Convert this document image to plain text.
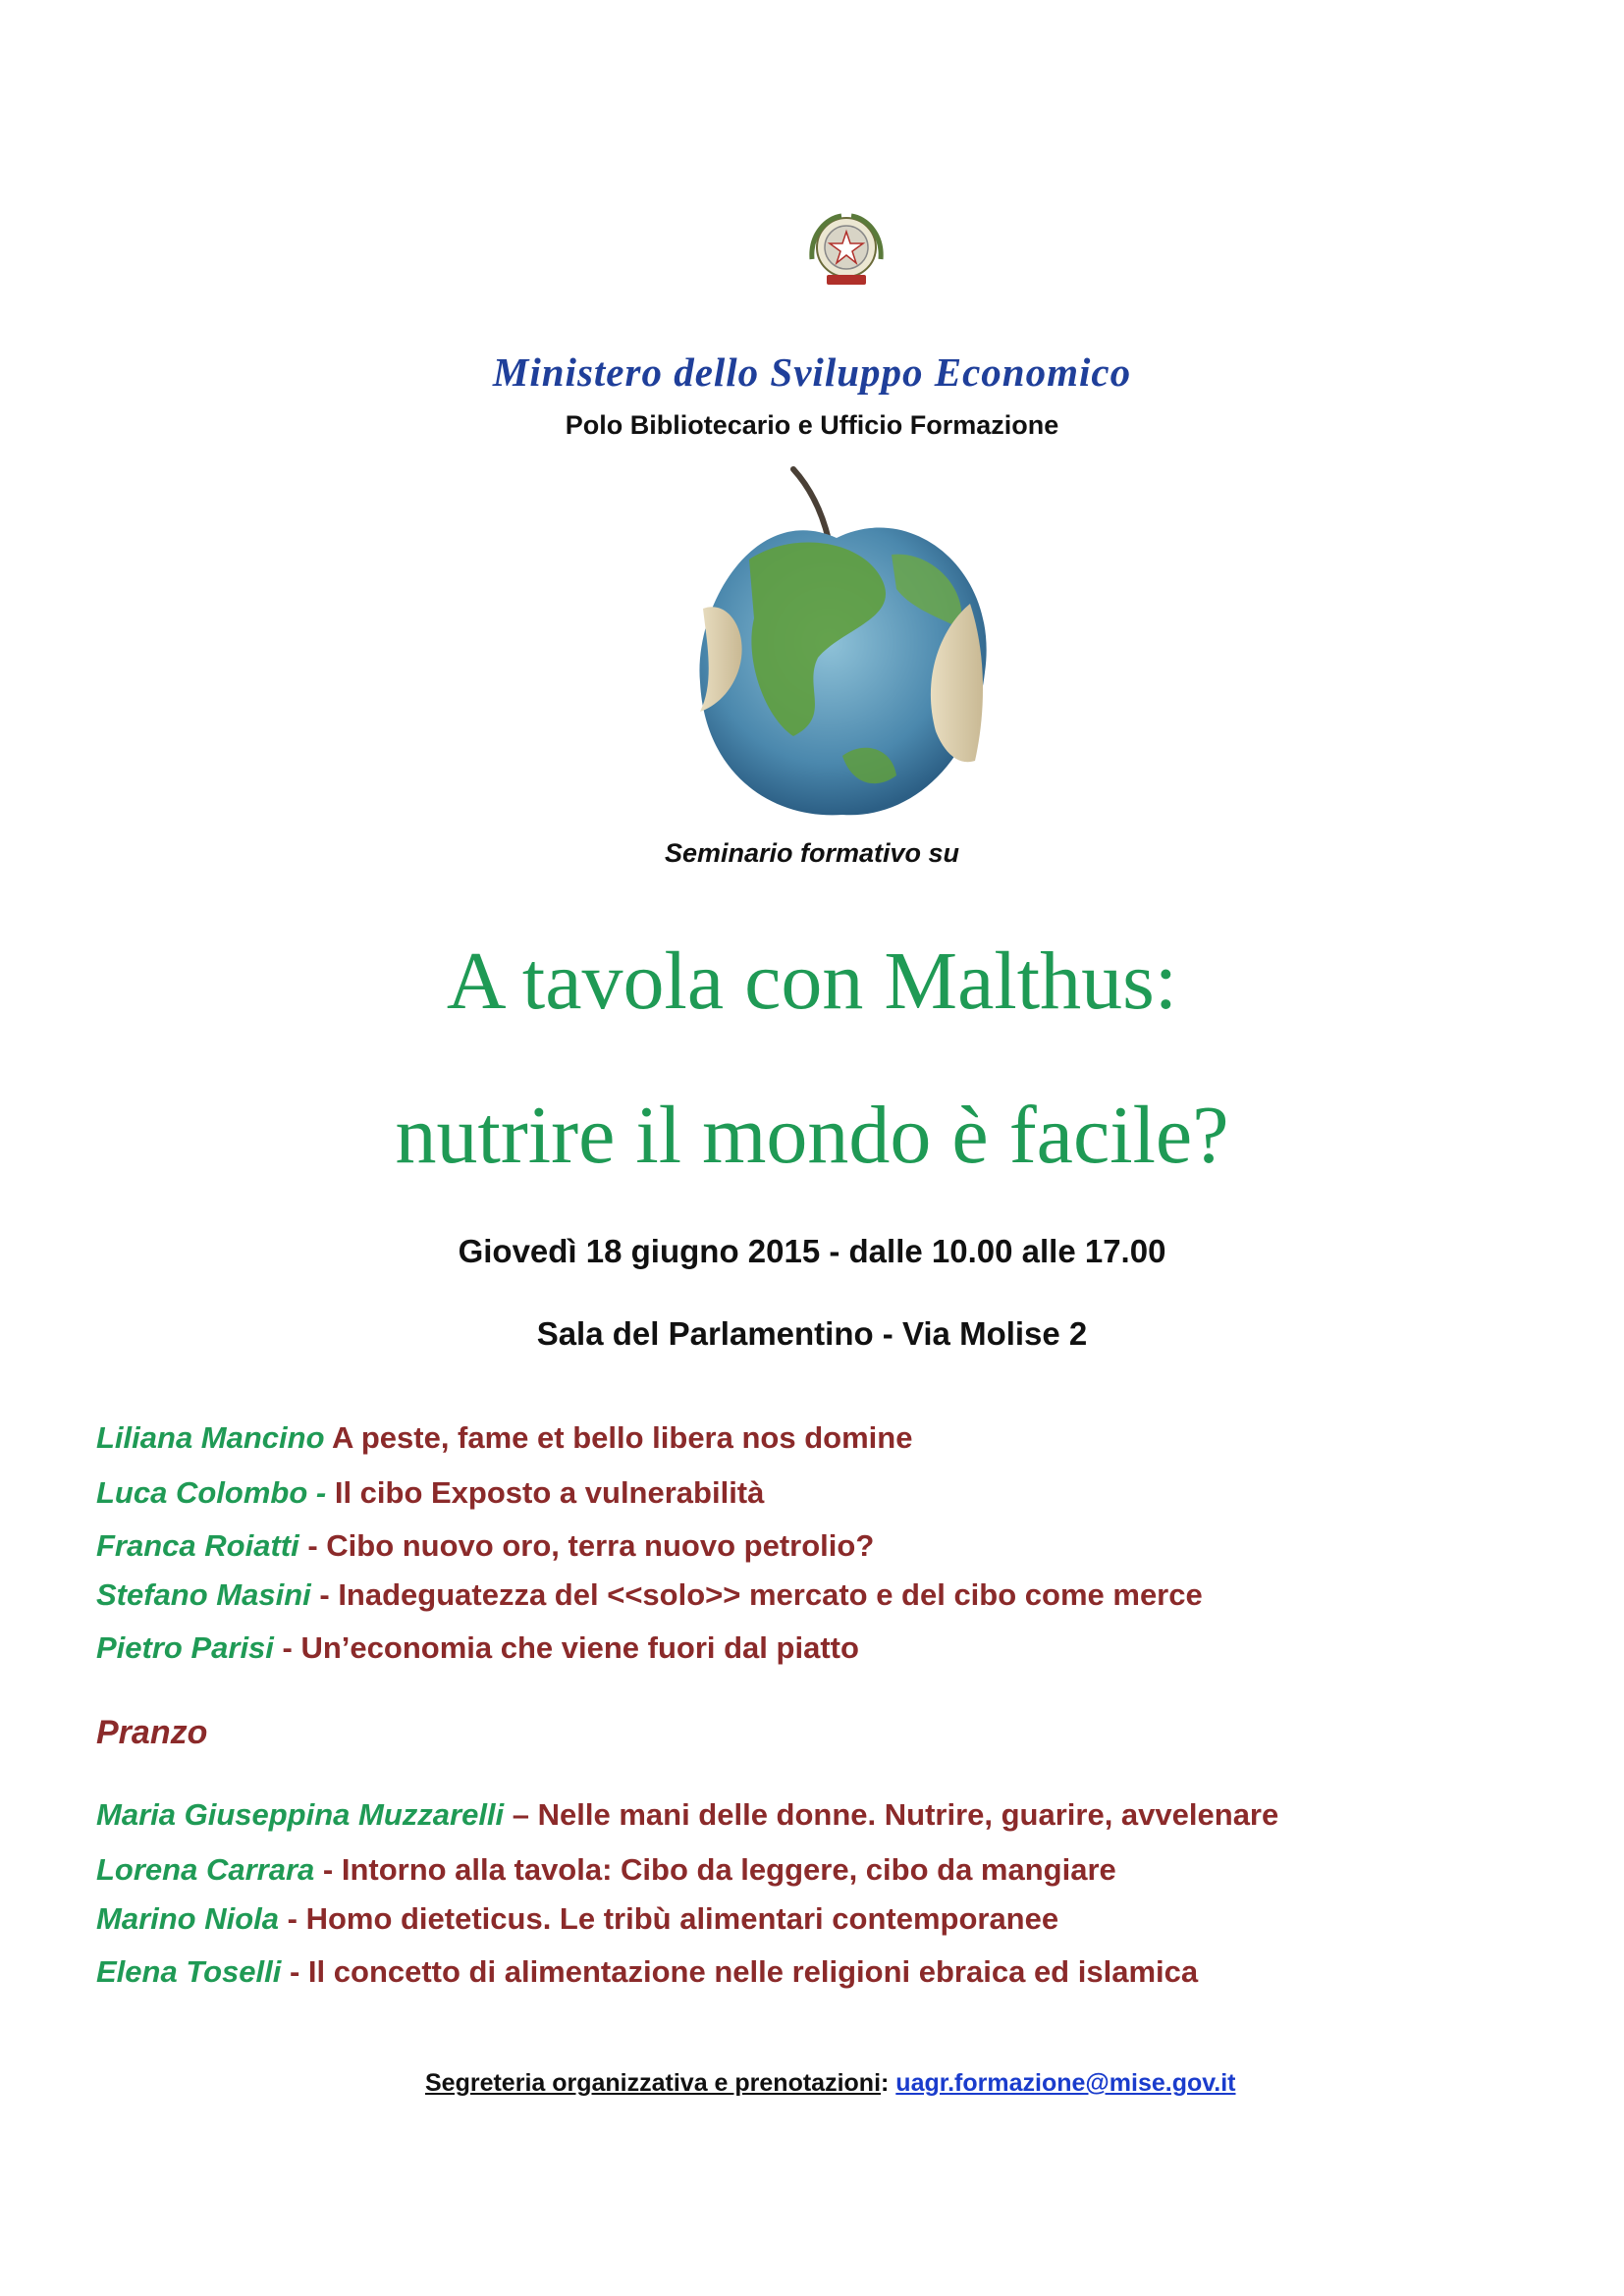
Ministero dello Sviluppo Economico
Polo Bibliotecario e Ufficio Formazione
Seminario formativo su
A tavola con Malthus:
nutrire il mondo è facile?
Giovedì 18 giugno 2015 - dalle 10.00 alle 17.00
Sala del Parlamentino - Via Molise 2
Liliana Mancino A peste, fame et bello libera nos domine
Luca Colombo - Il cibo Exposto a vulnerabilità
Franca Roiatti - Cibo nuovo oro, terra nuovo petrolio?
Stefano Masini - Inadeguatezza del <<solo>> mercato e del cibo come merce
Pietro Parisi - Un’economia che viene fuori dal piatto
Pranzo
Maria Giuseppina Muzzarelli – Nelle mani delle donne. Nutrire, guarire, avvelenare
Lorena Carrara - Intorno alla tavola: Cibo da leggere, cibo da mangiare
Marino Niola - Homo dieteticus. Le tribù alimentari contemporanee
Elena Toselli - Il concetto di alimentazione nelle religioni ebraica ed islamica
Segreteria organizzativa e prenotazioni: uagr.formazione@mise.gov.it
